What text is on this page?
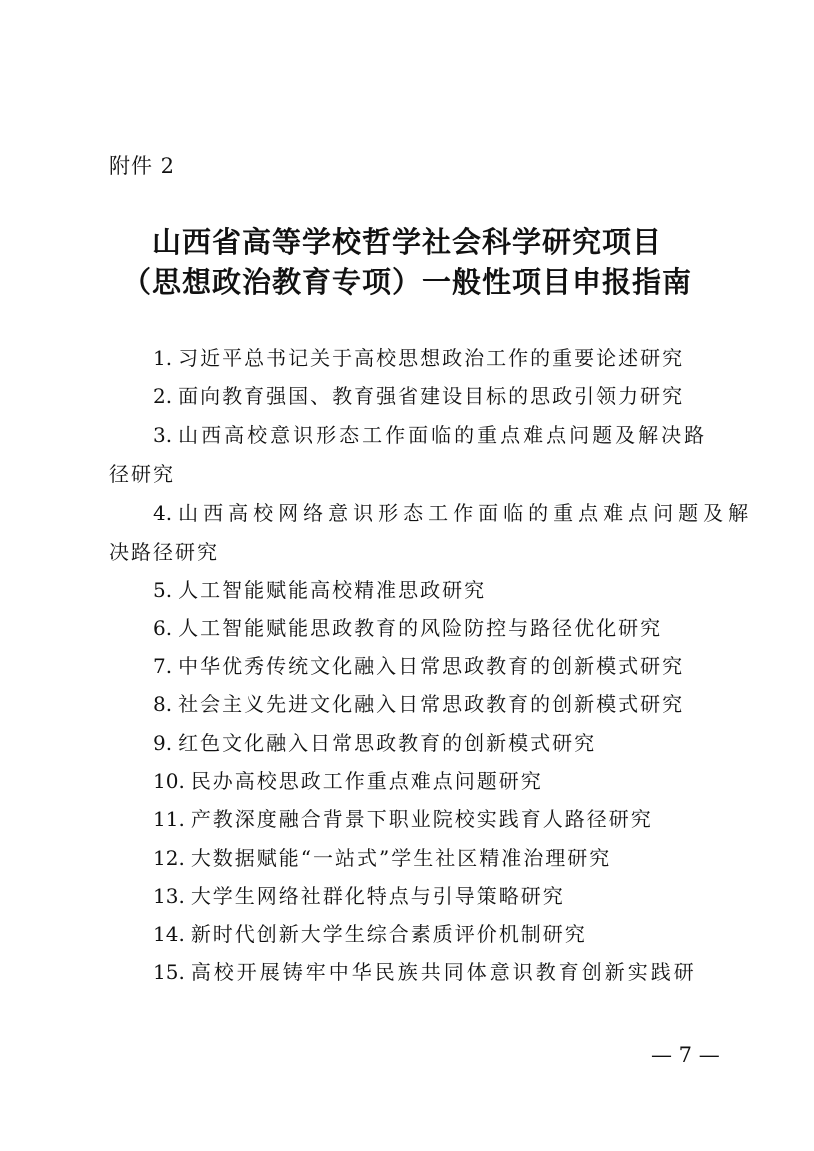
附件 2
山西省高等学校哲学社会科学研究项目
（思想政治教育专项）一般性项目申报指南
1. 习近平总书记关于高校思想政治工作的重要论述研究
2. 面向教育强国、教育强省建设目标的思政引领力研究
3. 山西高校意识形态工作面临的重点难点问题及解决路
径研究
4. 山西高校网络意识形态工作面临的重点难点问题及解
决路径研究
5. 人工智能赋能高校精准思政研究
6. 人工智能赋能思政教育的风险防控与路径优化研究
7. 中华优秀传统文化融入日常思政教育的创新模式研究
8. 社会主义先进文化融入日常思政教育的创新模式研究
9. 红色文化融入日常思政教育的创新模式研究
10. 民办高校思政工作重点难点问题研究
11. 产教深度融合背景下职业院校实践育人路径研究
12. 大数据赋能“一站式”学生社区精准治理研究
13. 大学生网络社群化特点与引导策略研究
14. 新时代创新大学生综合素质评价机制研究
15. 高校开展铸牢中华民族共同体意识教育创新实践研
— 7 —
